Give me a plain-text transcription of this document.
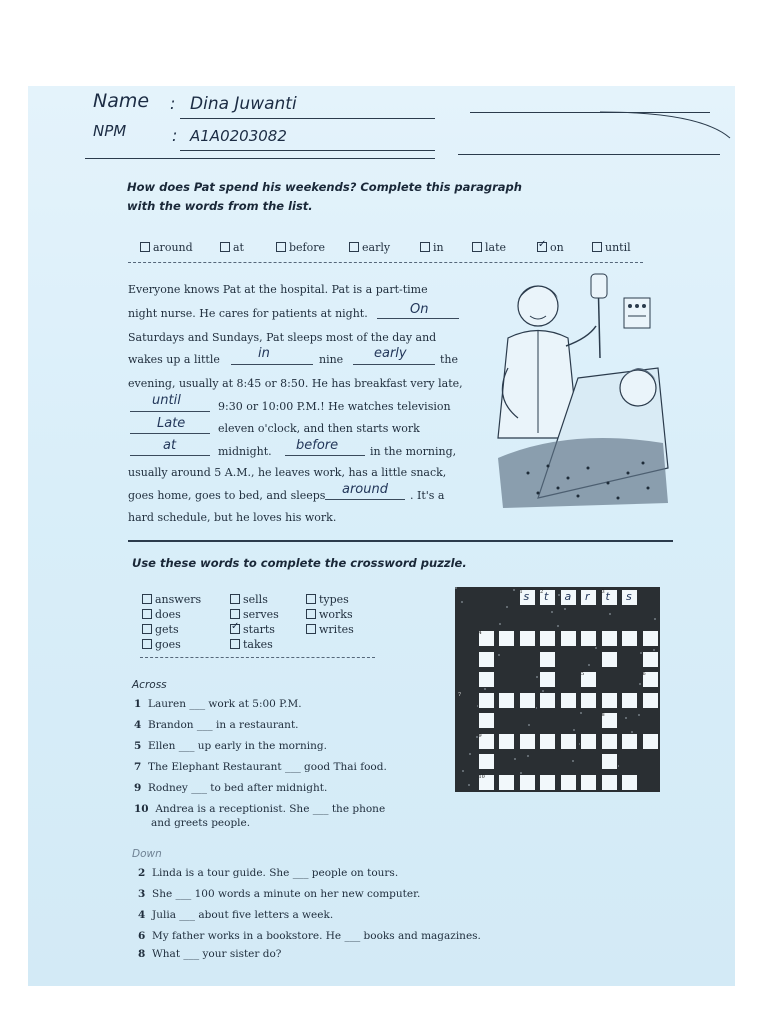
Name : Dina Juwanti
NPM	: A1A0203082
How does Pat spend his weekends? Complete this paragraph
with the words from the list.
around	at	before	early	in	late
✓	on	until
Everyone knows Pat at the hospital. Pat is a part-time
night nurse. He cares for patients at night.	On
Saturdays and Sundays, Pat sleeps most of the day and
wakes up a little	in	nine early	the
evening, usually at 8:45 or 8:50. He has breakfast very late,
until	9:30 or 10:00 P.M.! He watches television
Late	eleven o'clock, and then starts work
at	midnight. before	in the morning,
usually around 5 A.M., he leaves work, has a little snack,
goes home, goes to bed, and sleeps around . It's a
hard schedule, but he loves his work.
Use these words to complete the crossword puzzle.
answers
does
gets
goes
sells
serves
✓starts
takes
types
works
writes
Across
1 Lauren ___ work at 5:00 P.M.
4 Brandon ___ in a restaurant.
5 Ellen ___ up early in the morning.
7 The Elephant Restaurant ___ good Thai food.
9 Rodney ___ to bed after midnight.
10 Andrea is a receptionist. She ___ the phone
and greets people.
Down
2 Linda is a tour guide. She ___ people on tours.
3 She ___ 100 words a minute on her new computer.
4 Julia ___ about five letters a week.
6 My father works in a bookstore. He ___ books and magazines.
8 What ___ your sister do?
s t a r t s
1	2	3
4
5	6
7
8
9
10
